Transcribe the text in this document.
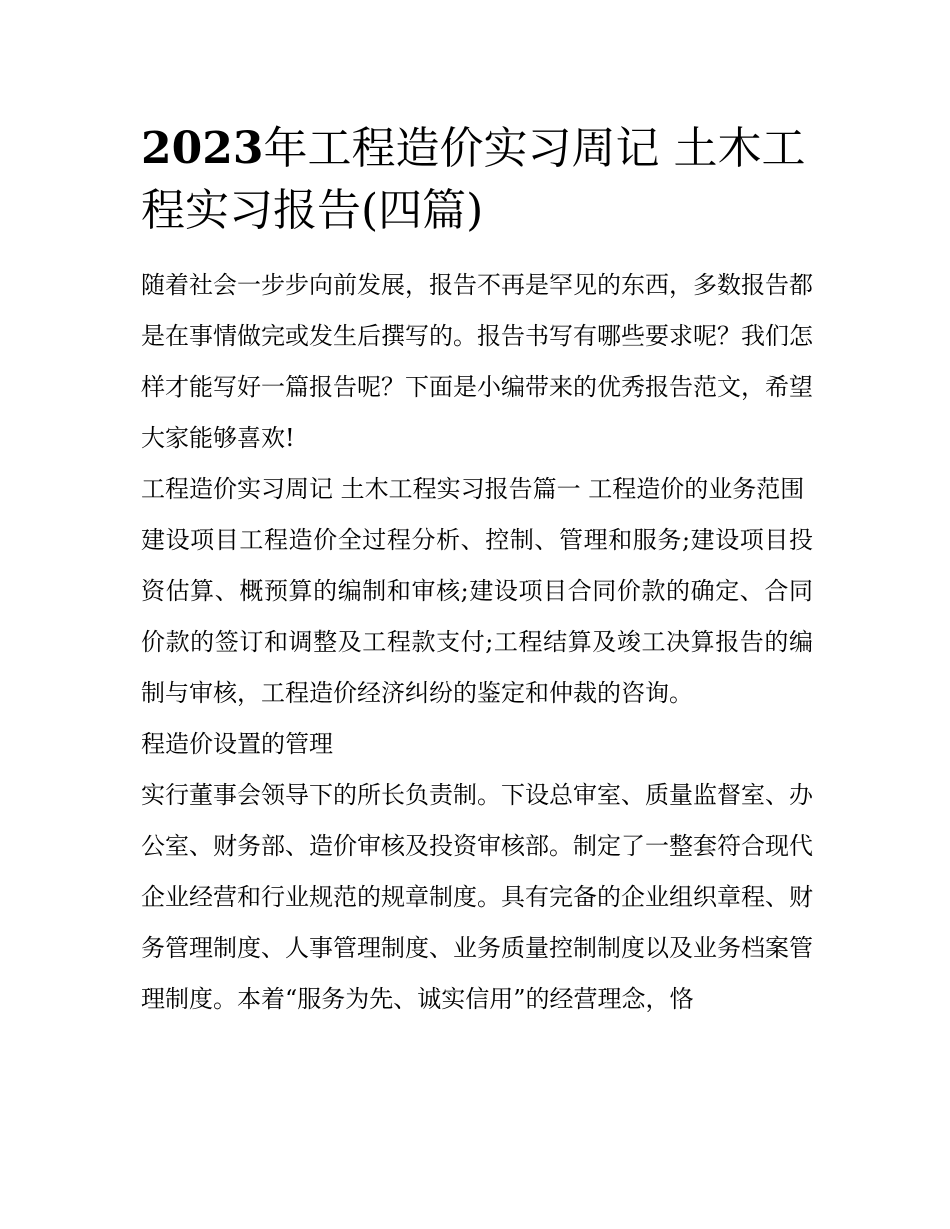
2023年工程造价实习周记 土木工程实习报告(四篇)

随着社会一步步向前发展，报告不再是罕见的东西，多数报告都是在事情做完或发生后撰写的。报告书写有哪些要求呢？我们怎样才能写好一篇报告呢？下面是小编带来的优秀报告范文，希望大家能够喜欢!

工程造价实习周记 土木工程实习报告篇一 工程造价的业务范围

建设项目工程造价全过程分析、控制、管理和服务;建设项目投资估算、概预算的编制和审核;建设项目合同价款的确定、合同价款的签订和调整及工程款支付;工程结算及竣工决算报告的编制与审核，工程造价经济纠纷的鉴定和仲裁的咨询。

程造价设置的管理

实行董事会领导下的所长负责制。下设总审室、质量监督室、办公室、财务部、造价审核及投资审核部。制定了一整套符合现代企业经营和行业规范的规章制度。具有完备的企业组织章程、财务管理制度、人事管理制度、业务质量控制制度以及业务档案管理制度。本着“服务为先、诚实信用”的经营理念，恪
